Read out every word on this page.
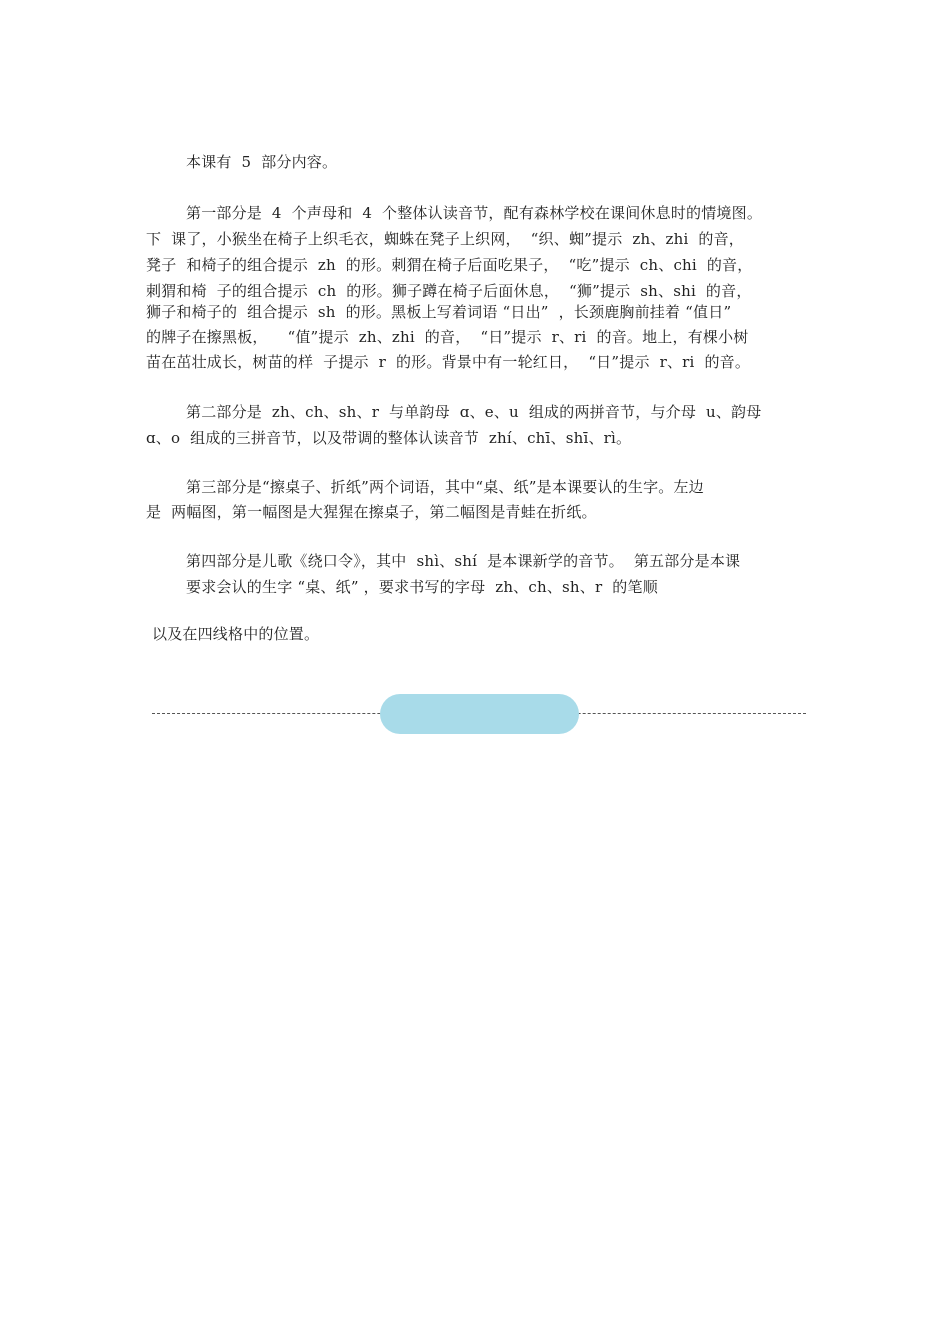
本课有  5  部分内容。

第一部分是  4  个声母和  4  个整体认读音节，配有森林学校在课间休息时的情境图。

下  课了，小猴坐在椅子上织毛衣，蜘蛛在凳子上织网，  “织、蜘”提示  zh、zhi  的音，

凳子  和椅子的组合提示  zh  的形。刺猬在椅子后面吃果子，  “吃”提示  ch、chi  的音，

刺猬和椅  子的组合提示  ch  的形。狮子蹲在椅子后面休息，  “狮”提示  sh、shi  的音，

狮子和椅子的  组合提示  sh  的形。黑板上写着词语 “日出”  ，长颈鹿胸前挂着 “值日”

的牌子在擦黑板，    “值”提示  zh、zhi  的音，  “日”提示  r、ri  的音。地上，有棵小树

苗在茁壮成长，树苗的样  子提示  r  的形。背景中有一轮红日，  “日”提示  r、ri  的音。

第二部分是  zh、ch、sh、r  与单韵母  ɑ、e、u  组成的两拼音节，与介母  u、韵母

ɑ、o  组成的三拼音节，以及带调的整体认读音节  zhí、chī、shī、rì。

第三部分是“擦桌子、折纸”两个词语，其中“桌、纸”是本课要认的生字。左边

是  两幅图，第一幅图是大猩猩在擦桌子，第二幅图是青蛙在折纸。

第四部分是儿歌《绕口令》，其中  shì、shí  是本课新学的音节。  第五部分是本课

要求会认的生字 “桌、纸” ，要求书写的字母  zh、ch、sh、r  的笔顺

以及在四线格中的位置。
